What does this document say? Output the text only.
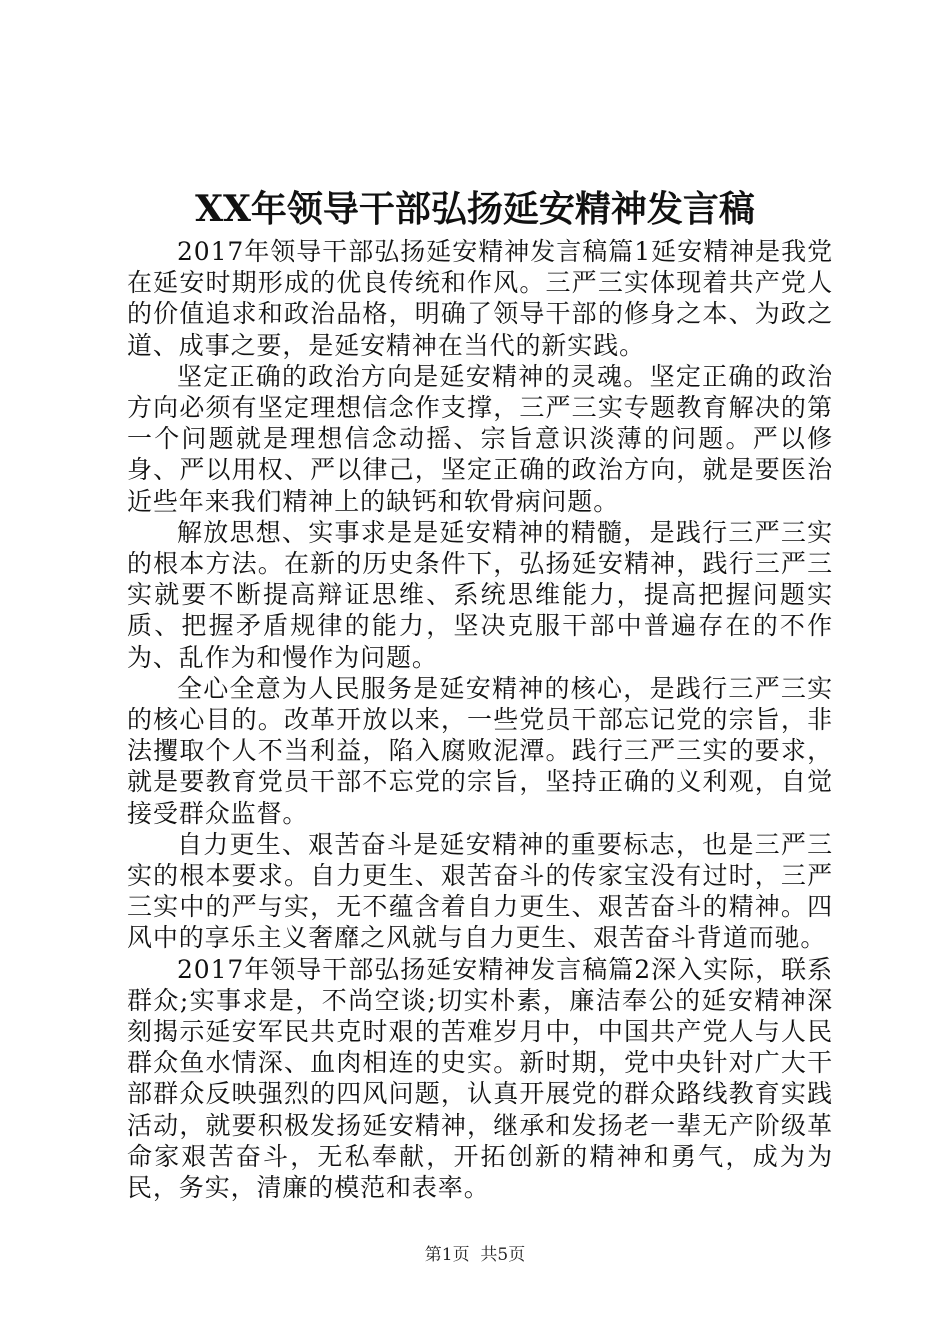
XX年领导干部弘扬延安精神发言稿

2017年领导干部弘扬延安精神发言稿篇1延安精神是我党在延安时期形成的优良传统和作风。三严三实体现着共产党人的价值追求和政治品格，明确了领导干部的修身之本、为政之道、成事之要，是延安精神在当代的新实践。

坚定正确的政治方向是延安精神的灵魂。坚定正确的政治方向必须有坚定理想信念作支撑，三严三实专题教育解决的第一个问题就是理想信念动摇、宗旨意识淡薄的问题。严以修身、严以用权、严以律己，坚定正确的政治方向，就是要医治近些年来我们精神上的缺钙和软骨病问题。

解放思想、实事求是是延安精神的精髓，是践行三严三实的根本方法。在新的历史条件下，弘扬延安精神，践行三严三实就要不断提高辩证思维、系统思维能力，提高把握问题实质、把握矛盾规律的能力，坚决克服干部中普遍存在的不作为、乱作为和慢作为问题。

全心全意为人民服务是延安精神的核心，是践行三严三实的核心目的。改革开放以来，一些党员干部忘记党的宗旨，非法攫取个人不当利益，陷入腐败泥潭。践行三严三实的要求，就是要教育党员干部不忘党的宗旨，坚持正确的义利观，自觉接受群众监督。

自力更生、艰苦奋斗是延安精神的重要标志，也是三严三实的根本要求。自力更生、艰苦奋斗的传家宝没有过时，三严三实中的严与实，无不蕴含着自力更生、艰苦奋斗的精神。四风中的享乐主义奢靡之风就与自力更生、艰苦奋斗背道而驰。

2017年领导干部弘扬延安精神发言稿篇2深入实际，联系群众;实事求是，不尚空谈;切实朴素，廉洁奉公的延安精神深刻揭示延安军民共克时艰的苦难岁月中，中国共产党人与人民群众鱼水情深、血肉相连的史实。新时期，党中央针对广大干部群众反映强烈的四风问题，认真开展党的群众路线教育实践活动，就要积极发扬延安精神，继承和发扬老一辈无产阶级革命家艰苦奋斗，无私奉献，开拓创新的精神和勇气，成为为民，务实，清廉的模范和表率。

第1页 共5页
